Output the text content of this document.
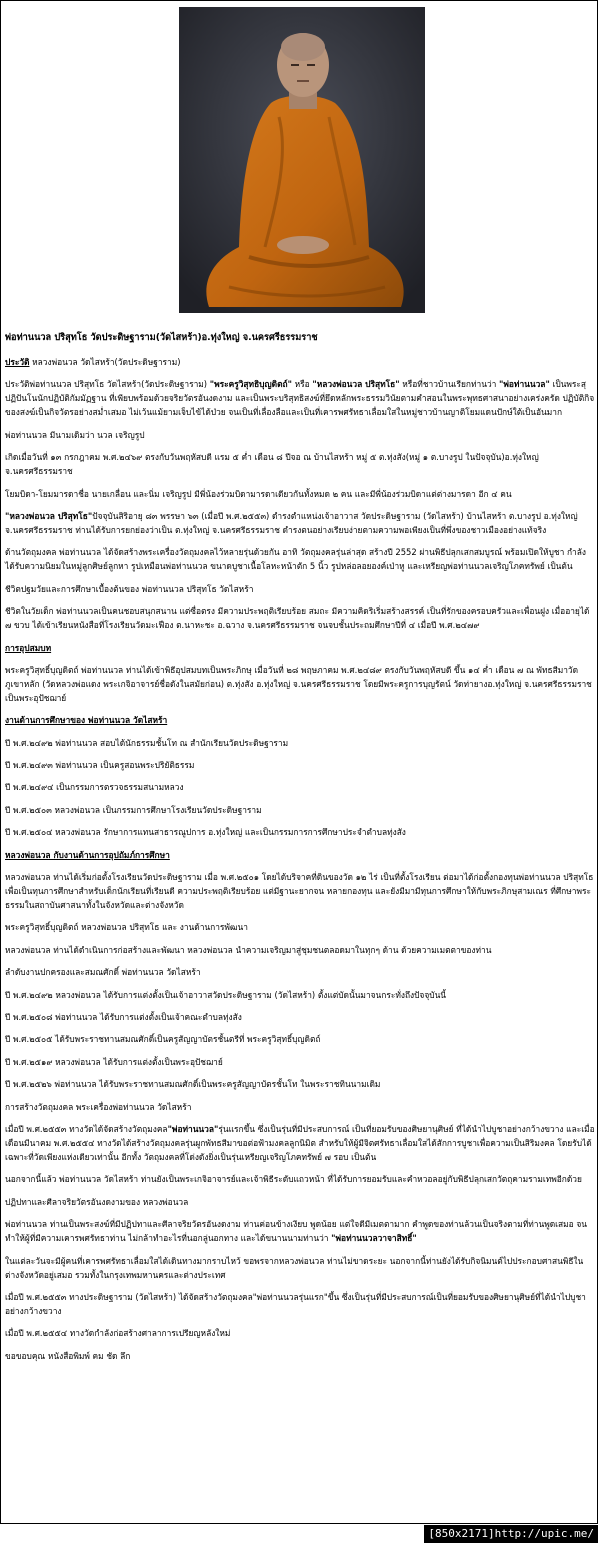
พ่อท่านนวล ปริสุทโธ วัดประดิษฐาราม(วัดไสหร้า)อ.ทุ่งใหญ่ จ.นครศรีธรรมราช

ประวัติ หลวงพ่อนวล วัดไสหร้า(วัดประดิษฐาราม)

ประวัติพ่อท่านนวล ปริสุทโธ วัดไสหร้า(วัดประดิษฐาราม) "พระครูวิสุทธิบุญดิตถ์" หรือ "หลวงพ่อนวล ปริสุทโธ" หรือที่ชาวบ้านเรียกท่านว่า "พ่อท่านนวล" เป็นพระสุปฏิปันโนนักปฏิบัติกัมมัฏฐาน ที่เพียบพร้อมด้วยจริยวัตรอันงดงาม และเป็นพระบริสุทธิสงฆ์ที่ยึดหลักพระธรรมวินัยตามคำสอนในพระพุทธศาสนาอย่างเคร่งครัด ปฏิบัติกิจของสงฆ์เป็นกิจวัตรอย่างสม่ำเสมอ ไม่เว้นแม้ยามเจ็บไข้ได้ป่วย จนเป็นที่เลื่องลือและเป็นที่เคารพศรัทธาเลื่อมใสในหมู่ชาวบ้านญาติโยมแดนปักษ์ใต้เป็นอันมาก

พ่อท่านนวล มีนามเดิมว่า นวล เจริญรูป

เกิดเมื่อวันที่ ๑๓ กรกฎาคม พ.ศ.๒๔๖๙ ตรงกับวันพฤหัสบดี แรม ๕ ค่ำ เดือน ๘ ปีจอ ณ บ้านไสหร้า หมู่ ๕ ต.ทุ่งสัง(หมู่ ๑ ต.บางรูป ในปัจจุบัน)อ.ทุ่งใหญ่ จ.นครศรีธรรมราช

โยมบิดา-โยมมารดาชื่อ นายเกลื่อน และนิ่ม เจริญรูป มีพี่น้องร่วมบิดามารดาเดียวกันทั้งหมด ๒ คน และมีพี่น้องร่วมบิดาแต่ต่างมารดา อีก ๔ คน

"หลวงพ่อนวล ปริสุทโธ"ปัจจุบันสิริอายุ ๘๓ พรรษา ๖๓ (เมื่อปี พ.ศ.๒๕๕๓) ดำรงตำแหน่งเจ้าอาวาส วัดประดิษฐาราม (วัดไสหร้า) บ้านไสหร้า ต.บางรูป อ.ทุ่งใหญ่ จ.นครศรีธรรมราช ท่านได้รับการยกย่องว่าเป็น ต.ทุ่งใหญ่ จ.นครศรีธรรมราช ดำรงตนอย่างเรียบง่ายตามความพอเพียงเป็นที่พึ่งของชาวเมืองอย่างแท้จริง

ด้านวัตถุมงคล พ่อท่านนวล ได้จัดสร้างพระเครื่องวัตถุมงคลไว้หลายรุ่นด้วยกัน อาทิ วัตถุมงคลรุ่นล่าสุด สร้างปี 2552 ผ่านพิธีปลุกเสกสมบูรณ์ พร้อมเปิดให้บูชา กำลังได้รับความนิยมในหมู่ลูกศิษย์ลูกหา รูปเหมือนพ่อท่านนวล ขนาดบูชาเนื้อโลหะหน้าตัก 5 นิ้ว รูปหล่อลอยองค์เป่าหู และเหรียญพ่อท่านนวลเจริญโภคทรัพย์ เป็นต้น

ชีวิตปฐมวัยและการศึกษาเบื้องต้นของ พ่อท่านนวล ปริสุทโธ วัดไสหร้า

ชีวิตในวัยเด็ก พ่อท่านนวลเป็นคนชอบสนุกสนาน แต่ซื่อตรง มีความประพฤติเรียบร้อย สมถะ มีความคิดริเริ่มสร้างสรรค์ เป็นที่รักของครอบครัวและเพื่อนฝูง เมื่ออายุได้ ๗ ขวบ ได้เข้าเรียนหนังสือที่โรงเรียนวัดมะเฟือง ต.นาหะชะ อ.ฉวาง จ.นครศรีธรรมราช จนจบชั้นประถมศึกษาปีที่ ๔ เมื่อปี พ.ศ.๒๔๗๙

การอุปสมบท

พระครูวิสุทธิ์บุญดิตถ์ พ่อท่านนวล ท่านได้เข้าพิธีอุปสมบทเป็นพระภิกษุ เมื่อวันที่ ๒๘ พฤษภาคม พ.ศ.๒๔๘๙ ตรงกับวันพฤหัสบดี ขึ้น ๑๔ ค่ำ เดือน ๗ ณ พัทธสีมาวัดภูเขาหลัก (วัดหลวงพ่อแดง พระเกจิอาจารย์ชื่อดังในสมัยก่อน) ต.ทุ่งสัง อ.ทุ่งใหญ่ จ.นครศรีธรรมราช โดยมีพระครูการบุญรัตน์ วัดท่ายางอ.ทุ่งใหญ่ จ.นครศรีธรรมราช เป็นพระอุปัชฌาย์

งานด้านการศึกษาของ พ่อท่านนวล วัดไสหร้า

ปี พ.ศ.๒๔๙๒ พ่อท่านนวล สอบได้นักธรรมชั้นโท ณ สำนักเรียนวัดประดิษฐาราม

ปี พ.ศ.๒๔๙๓ พ่อท่านนวล เป็นครูสอนพระปริยัติธรรม

ปี พ.ศ.๒๔๙๔ เป็นกรรมการตรวจธรรมสนามหลวง

ปี พ.ศ.๒๕๐๓ หลวงพ่อนวล เป็นกรรมการศึกษาโรงเรียนวัดประดิษฐาราม

ปี พ.ศ.๒๕๐๔ หลวงพ่อนวล รักษาการแทนสาธารณูปการ อ.ทุ่งใหญ่ และเป็นกรรมการการศึกษาประจำตำบลทุ่งสัง

หลวงพ่อนวล กับงานด้านการอุปถัมภ์การศึกษา

หลวงพ่อนวล ท่านได้เริ่มก่อตั้งโรงเรียนวัดประดิษฐาราม เมื่อ พ.ศ.๒๕๐๑ โดยได้บริจาคที่ดินของวัด ๑๒ ไร่ เป็นที่ตั้งโรงเรียน ต่อมาได้ก่อตั้งกองทุนพ่อท่านนวล ปริสุทโธ เพื่อเป็นทุนการศึกษาสำหรับเด็กนักเรียนที่เรียนดี ความประพฤติเรียบร้อย แต่มีฐานะยากจน หลายกองทุน และยังมีมามีทุนการศึกษาให้กับพระภิกษุสามเณร ที่ศึกษาพระธรรมในสถาบันศาสนาทั้งในจังหวัดและต่างจังหวัด

พระครูวิสุทธิ์บุญดิตถ์ หลวงพ่อนวล ปริสุทโธ และ งานด้านการพัฒนา

หลวงพ่อนวล ท่านได้ดำเนินการก่อสร้างและพัฒนา หลวงพ่อนวล นำความเจริญมาสู่ชุมชนตลอดมาในทุกๆ ด้าน ด้วยความเมตตาของท่าน

ลำดับงานปกครองและสมณศักดิ์ พ่อท่านนวล วัดไสหร้า

ปี พ.ศ.๒๔๙๒ หลวงพ่อนวล ได้รับการแต่งตั้งเป็นเจ้าอาวาสวัดประดิษฐาราม (วัดไสหร้า) ตั้งแต่บัดนั้นมาจนกระทั่งถึงปัจจุบันนี้

ปี พ.ศ.๒๕๐๘ พ่อท่านนวล ได้รับการแต่งตั้งเป็นเจ้าคณะตำบลทุ่งสัง

ปี พ.ศ.๒๕๐๕ ได้รับพระราชทานสมณศักดิ์เป็นครูสัญญาบัตรชั้นตรีที่ พระครูวิสุทธิ์บุญดิตถ์

ปี พ.ศ.๒๕๑๙ หลวงพ่อนวล ได้รับการแต่งตั้งเป็นพระอุปัชฌาย์

ปี พ.ศ.๒๕๒๖ พ่อท่านนวล ได้รับพระราชทานสมณศักดิ์เป็นพระครูสัญญาบัตรชั้นโท ในพระราชทินนามเดิม

การสร้างวัตถุมงคล พระเครื่องพ่อท่านนวล วัดไสหร้า

เมื่อปี พ.ศ.๒๕๕๓ ทางวัดได้จัดสร้างวัตถุมงคล"พ่อท่านนวล"รุ่นแรกขึ้น ซึ่งเป็นรุ่นที่มีประสบการณ์ เป็นที่ยอมรับของศิษยานุศิษย์ ที่ได้นำไปบูชาอย่างกว้างขวาง และเมื่อเดือนมีนาคม พ.ศ.๒๕๕๔ ทางวัดได้สร้างวัตถุมงคลรุ่นผูกพัทธสีมาขอต่อฟ้ามงคลลูกนิมิต สำหรับให้ผู้มีจิตศรัทธาเลื่อมใสได้สักการบูชาเพื่อความเป็นสิริมงคล โดยรับได้เฉพาะที่วัดเพียงแห่งเดียวเท่านั้น อีกทั้ง วัตถุมงคลที่โด่งดังยิ่งเป็นรุ่นเหรียญเจริญโภคทรัพย์ ๗ รอบ เป็นต้น

นอกจากนี้แล้ว พ่อท่านนวล วัดไสหร้า ท่านยังเป็นพระเกจิอาจารย์และเจ้าพิธีระดับแถวหน้า ที่ได้รับการยอมรับและคำหวอลอยู่กับพิธีปลุกเสกวัตถุคามรามเทพอีกด้วย

ปฏิปทาและศีลาจริยวัตรอันงดงามของ หลวงพ่อนวล

พ่อท่านนวล ท่านเป็นพระสงฆ์ที่มีปฏิปทาและศีลาจริยวัตรอันงดงาม ท่านค่อนข้างเงียบ พูดน้อย แต่ใจดีมีเมตตามาก คำพูดของท่านล้วนเป็นจริงตามที่ท่านพูดเสมอ จนทำให้ผู้ที่มีความเคารพศรัทธาท่าน ไม่กล้าทำอะไรที่นอกลู่นอกทาง และได้ขนานนามท่านว่า "พ่อท่านนวลวาจาสิทธิ์"

ในแต่ละวันจะมีผู้คนที่เคารพศรัทธาเลื่อมใสได้เดินทางมากราบไหว้ ขอพรจากหลวงพ่อนวล ท่านไม่ขาดระยะ นอกจากนี้ท่านยังได้รับกิจนิมนต์ไปประกอบศาสนพิธีในต่างจังหวัดอยู่เสมอ รวมทั้งในกรุงเทพมหานครและต่างประเทศ

เมื่อปี พ.ศ.๒๕๕๓ ทางประดิษฐาราม (วัดไสหร้า) ได้จัดสร้างวัตถุมงคล"พ่อท่านนวลรุ่นแรก"ขึ้น ซึ่งเป็นรุ่นที่มีประสบการณ์เป็นที่ยอมรับของศิษยานุศิษย์ที่ได้นำไปบูชาอย่างกว้างขวาง

เมื่อปี พ.ศ.๒๕๕๔ ทางวัดกำลังก่อสร้างศาลาการเปรียญหลังใหม่

ขอขอบคุณ หนังสือพิมพ์ คม ชัด ลึก

[850x2171]http://upic.me/
